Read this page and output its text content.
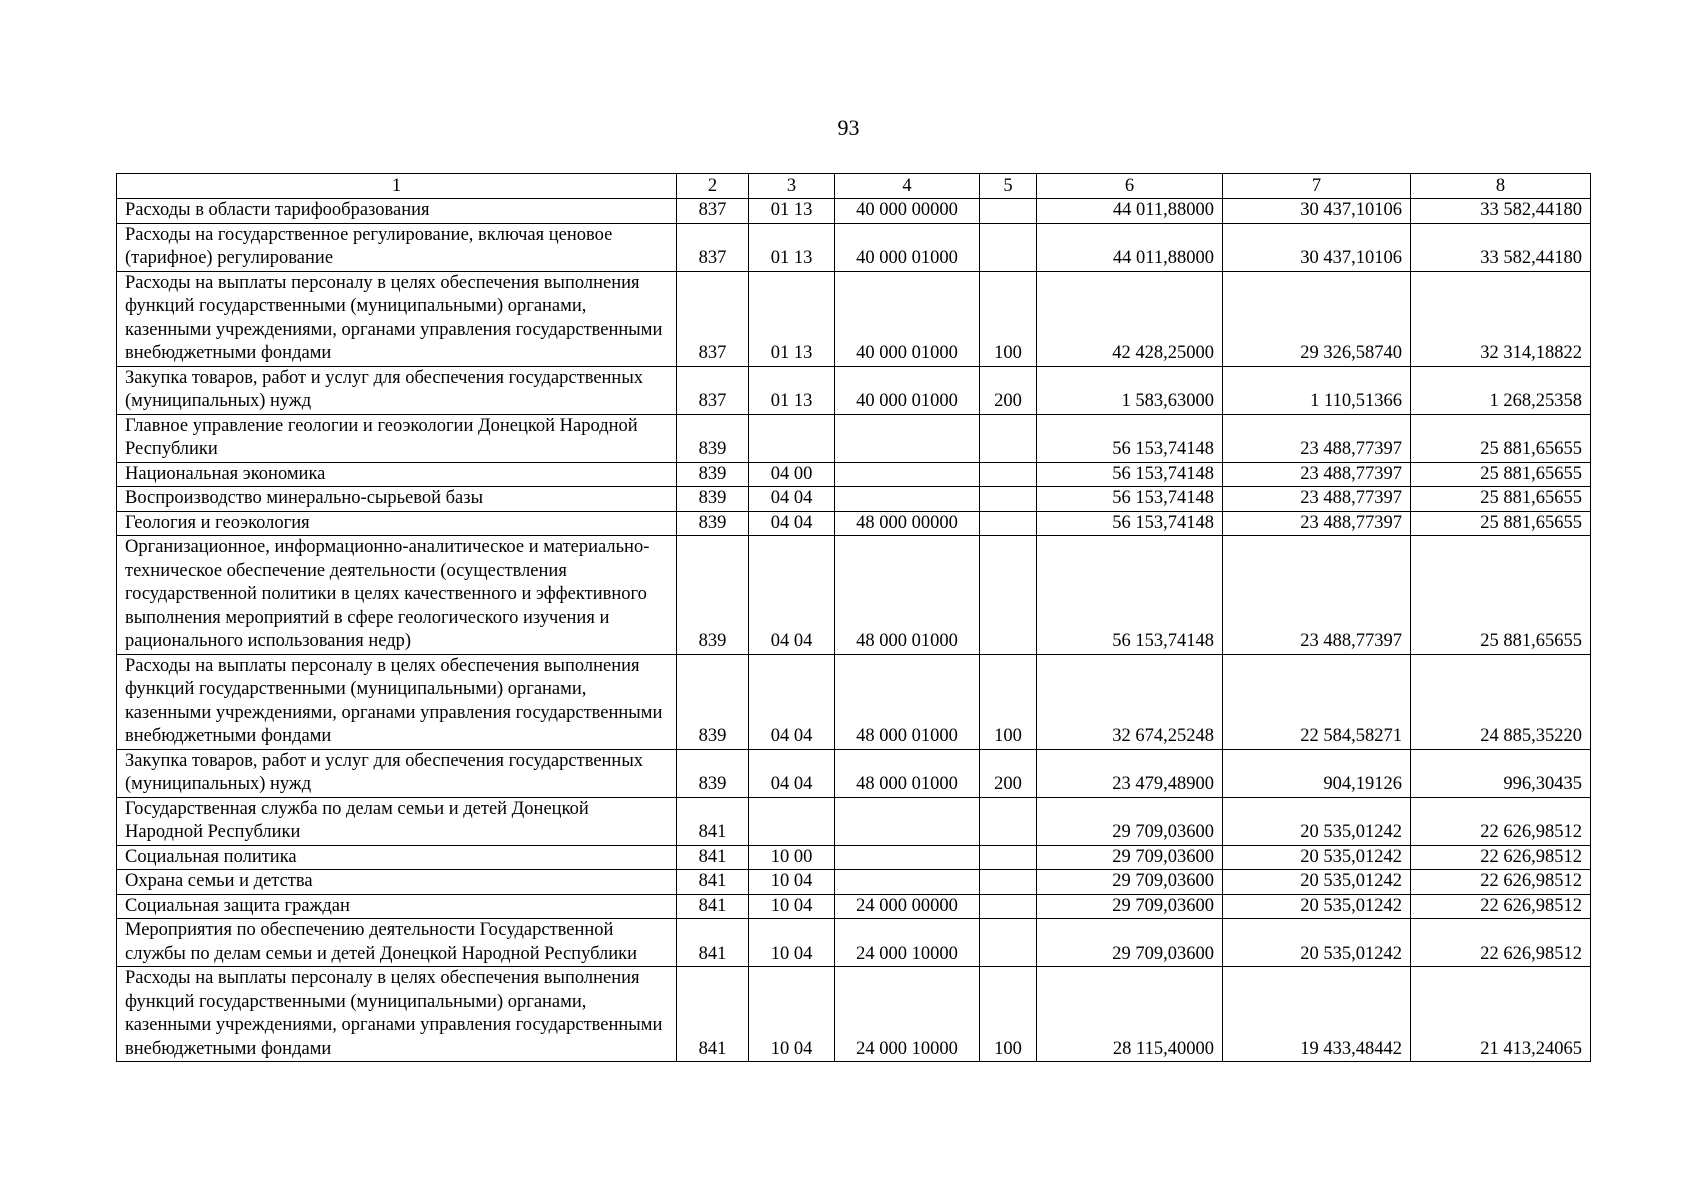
93
1	2	3	4	5	6	7	8
Расходы в области тарифообразования	837	01 13	40 000 00000		44 011,88000	30 437,10106	33 582,44180
Расходы на государственное регулирование, включая ценовое (тарифное) регулирование	837	01 13	40 000 01000		44 011,88000	30 437,10106	33 582,44180
Расходы на выплаты персоналу в целях обеспечения выполнения функций государственными (муниципальными) органами, казенными учреждениями, органами управления государственными внебюджетными фондами	837	01 13	40 000 01000	100	42 428,25000	29 326,58740	32 314,18822
Закупка товаров, работ и услуг для обеспечения государственных (муниципальных) нужд	837	01 13	40 000 01000	200	1 583,63000	1 110,51366	1 268,25358
Главное управление геологии и геоэкологии Донецкой Народной Республики	839				56 153,74148	23 488,77397	25 881,65655
Национальная экономика	839	04 00			56 153,74148	23 488,77397	25 881,65655
Воспроизводство минерально-сырьевой базы	839	04 04			56 153,74148	23 488,77397	25 881,65655
Геология и геоэкология	839	04 04	48 000 00000		56 153,74148	23 488,77397	25 881,65655
Организационное, информационно-аналитическое и материально-техническое обеспечение деятельности (осуществления государственной политики в целях качественного и эффективного выполнения мероприятий в сфере геологического изучения и рационального использования недр)	839	04 04	48 000 01000		56 153,74148	23 488,77397	25 881,65655
Расходы на выплаты персоналу в целях обеспечения выполнения функций государственными (муниципальными) органами, казенными учреждениями, органами управления государственными внебюджетными фондами	839	04 04	48 000 01000	100	32 674,25248	22 584,58271	24 885,35220
Закупка товаров, работ и услуг для обеспечения государственных (муниципальных) нужд	839	04 04	48 000 01000	200	23 479,48900	904,19126	996,30435
Государственная служба по делам семьи и детей Донецкой Народной Республики	841				29 709,03600	20 535,01242	22 626,98512
Социальная политика	841	10 00			29 709,03600	20 535,01242	22 626,98512
Охрана семьи и детства	841	10 04			29 709,03600	20 535,01242	22 626,98512
Социальная защита граждан	841	10 04	24 000 00000		29 709,03600	20 535,01242	22 626,98512
Мероприятия по обеспечению деятельности Государственной службы по делам семьи и детей Донецкой Народной Республики	841	10 04	24 000 10000		29 709,03600	20 535,01242	22 626,98512
Расходы на выплаты персоналу в целях обеспечения выполнения функций государственными (муниципальными) органами, казенными учреждениями, органами управления государственными внебюджетными фондами	841	10 04	24 000 10000	100	28 115,40000	19 433,48442	21 413,24065
